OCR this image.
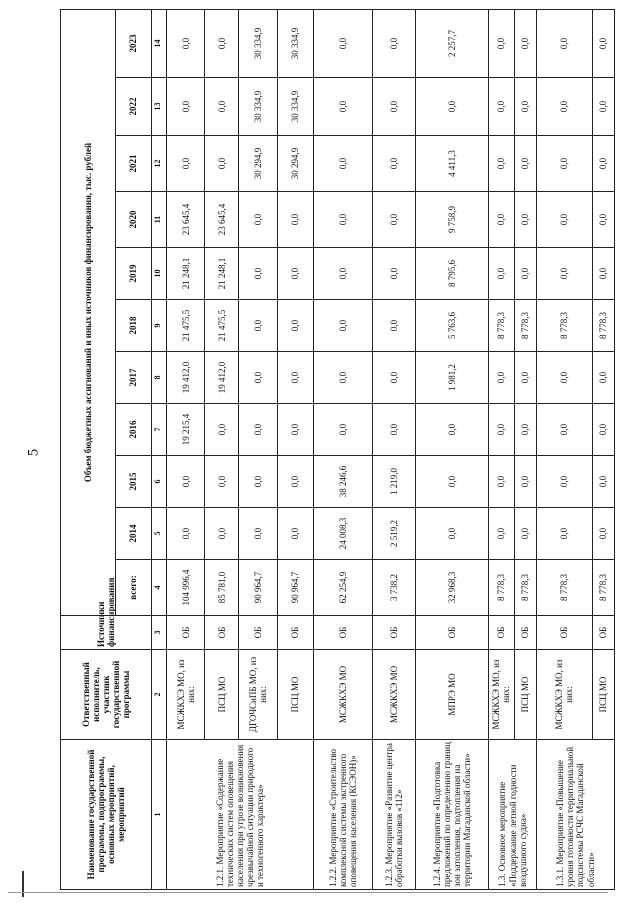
5
Наименование государственной программы, подпрограммы, основных мероприятий, мероприятий	Ответственный исполнитель, участник государственной программы	Источники финансирования	Объем бюджетных ассигнований и иных источников финансирования, тыс. рублей										
			всего:	2014	2015	2016	2017	2018	2019	2020	2021	2022	2023
1	2	3	4	5	6	7	8	9	10	11	12	13	14
1.2.1. Мероприятие «Содержание технических систем оповещения населения при угрозе возникновения чрезвычайной ситуации природного и техногенного характера»	МСЖКХЭ МО, из них:	ОБ	104 996,4	0,0	0,0	19 215,4	19 412,0	21 475,5	21 248,1	23 645,4	0,0	0,0	0,0
	ПСЦ МО	ОБ	85 781,0	0,0	0,0	0,0	19 412,0	21 475,5	21 248,1	23 645,4	0,0	0,0	0,0
	ДГОЧСиПБ МО, из них:	ОБ	90 964,7	0,0	0,0	0,0	0,0	0,0	0,0	0,0	30 294,9	30 334,9	30 334,9
	ПСЦ МО	ОБ	90 964,7	0,0	0,0	0,0	0,0	0,0	0,0	0,0	30 294,9	30 334,9	30 334,9
1.2.2. Мероприятие «Строительство комплексной системы экстренного оповещения населения (КСЭОН)»	МСЖКХЭ МО	ОБ	62 254,9	24 008,3	38 246,6	0,0	0,0	0,0	0,0	0,0	0,0	0,0	0,0
1.2.3. Мероприятие «Развитие центра обработки вызовов «112»	МСЖКХЭ МО	ОБ	3 738,2	2 519,2	1 219,0	0,0	0,0	0,0	0,0	0,0	0,0	0,0	0,0
1.2.4. Мероприятие «Подготовка предложений по определению границ зон затопления, подтопления на территории Магаданской области»	МПРЭ МО	ОБ	32 968,3	0,0	0,0	0,0	1 981,2	5 763,6	8 795,6	9 758,9	4 411,3	0,0	2 257,7
1.3. Основное мероприятие «Поддержание летной годности воздушного судна»	МСЖКХЭ МО, из них:	ОБ	8 778,3	0,0	0,0	0,0	0,0	8 778,3	0,0	0,0	0,0	0,0	0,0
	ПСЦ МО	ОБ	8 778,3	0,0	0,0	0,0	0,0	8 778,3	0,0	0,0	0,0	0,0	0,0
1.3.1. Мероприятие «Повышение уровня готовности территориальной подсистемы РСЧС Магаданской области»	МСЖКХЭ МО, из них:	ОБ	8 778,3	0,0	0,0	0,0	0,0	8 778,3	0,0	0,0	0,0	0,0	0,0
	ПСЦ МО	ОБ	8 778,3	0,0	0,0	0,0	0,0	8 778,3	0,0	0,0	0,0	0,0	0,0
